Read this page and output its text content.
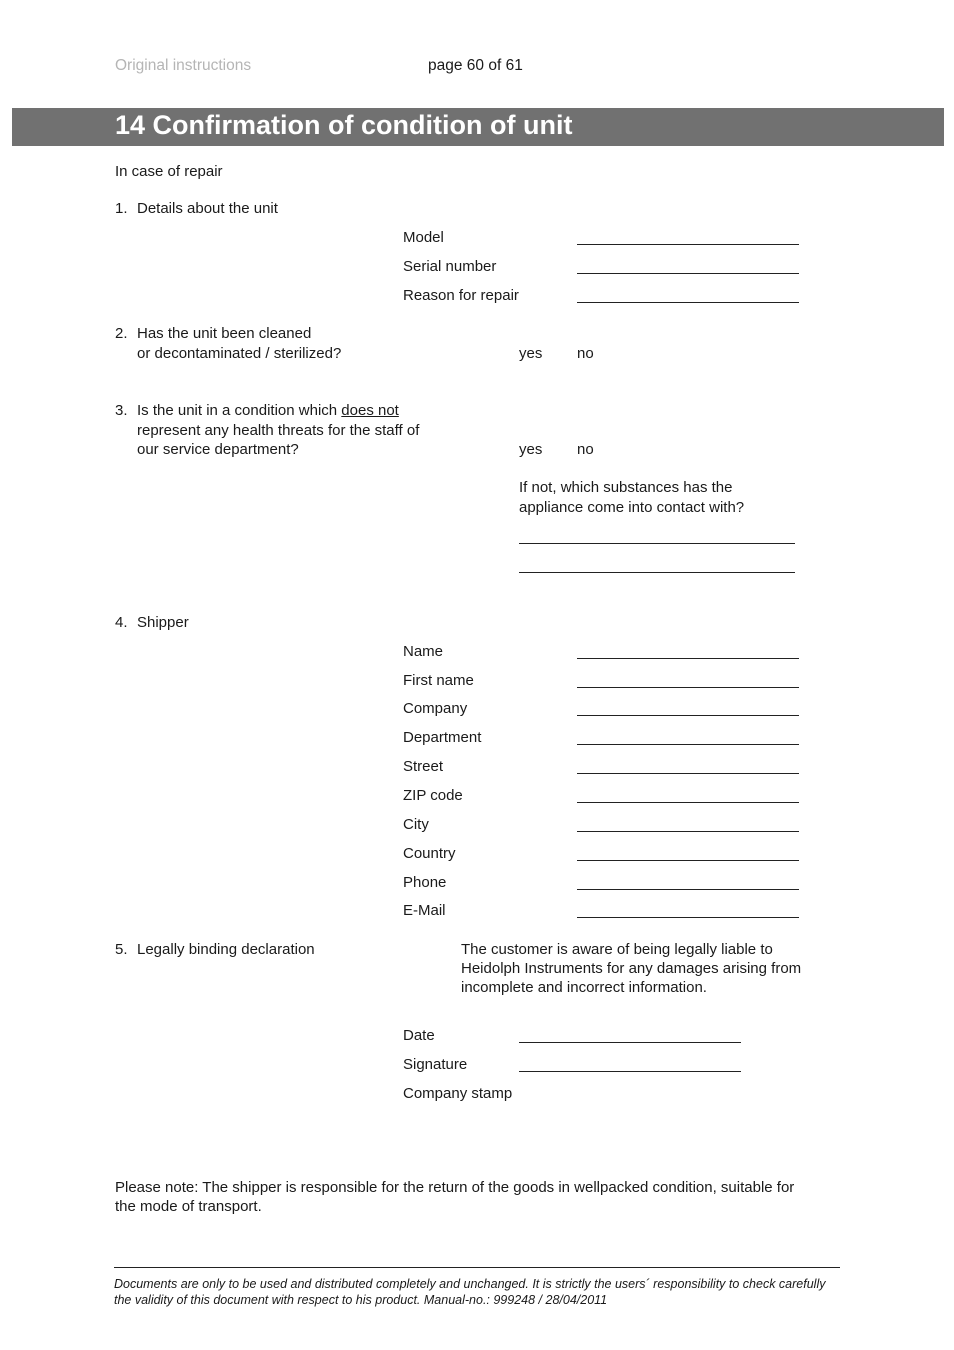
Original instructions	page 60 of 61
14 Confirmation of condition of unit
In case of repair
1. Details about the unit
Model
Serial number
Reason for repair
2. Has the unit been cleaned
or decontaminated / sterilized?	yes no
3. Is the unit in a condition which does not
represent any health threats for the staff of
our service department?	yes no
If not, which substances has the
appliance come into contact with?
4. Shipper
Name
First name
Company
Department
Street
ZIP code
City
Country
Phone
E-Mail
5. Legally binding declaration	The customer is aware of being legally liable to
Heidolph Instruments for any damages arising from
incomplete and incorrect information.
Date
Signature
Company stamp
Please note: The shipper is responsible for the return of the goods in wellpacked condition, suitable for
the mode of transport.
Documents are only to be used and distributed completely and unchanged. It is strictly the users´ responsibility to check carefully
the validity of this document with respect to his product. Manual-no.: 999248 / 28/04/2011
